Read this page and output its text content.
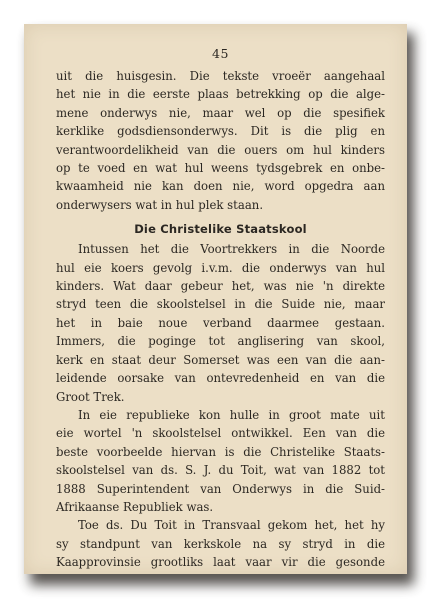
45

uit die huisgesin. Die tekste vroeër aangehaal
het nie in die eerste plaas betrekking op die alge-
mene onderwys nie, maar wel op die spesifiek
kerklike godsdiensonderwys. Dit is die plig en
verantwoordelikheid van die ouers om hul kinders
op te voed en wat hul weens tydsgebrek en onbe-
kwaamheid nie kan doen nie, word opgedra aan
onderwysers wat in hul plek staan.

Die Christelike Staatskool

Intussen het die Voortrekkers in die Noorde
hul eie koers gevolg i.v.m. die onderwys van hul
kinders. Wat daar gebeur het, was nie 'n direkte
stryd teen die skoolstelsel in die Suide nie, maar
het in baie noue verband daarmee gestaan.
Immers, die poginge tot anglisering van skool,
kerk en staat deur Somerset was een van die aan-
leidende oorsake van ontevredenheid en van die
Groot Trek.

In eie republieke kon hulle in groot mate uit
eie wortel 'n skoolstelsel ontwikkel. Een van die
beste voorbeelde hiervan is die Christelike Staats-
skoolstelsel van ds. S. J. du Toit, wat van 1882 tot
1888 Superintendent van Onderwys in die Suid-
Afrikaanse Republiek was.

Toe ds. Du Toit in Transvaal gekom het, het hy
sy standpunt van kerkskole na sy stryd in die
Kaapprovinsie grootliks laat vaar vir die gesonde
